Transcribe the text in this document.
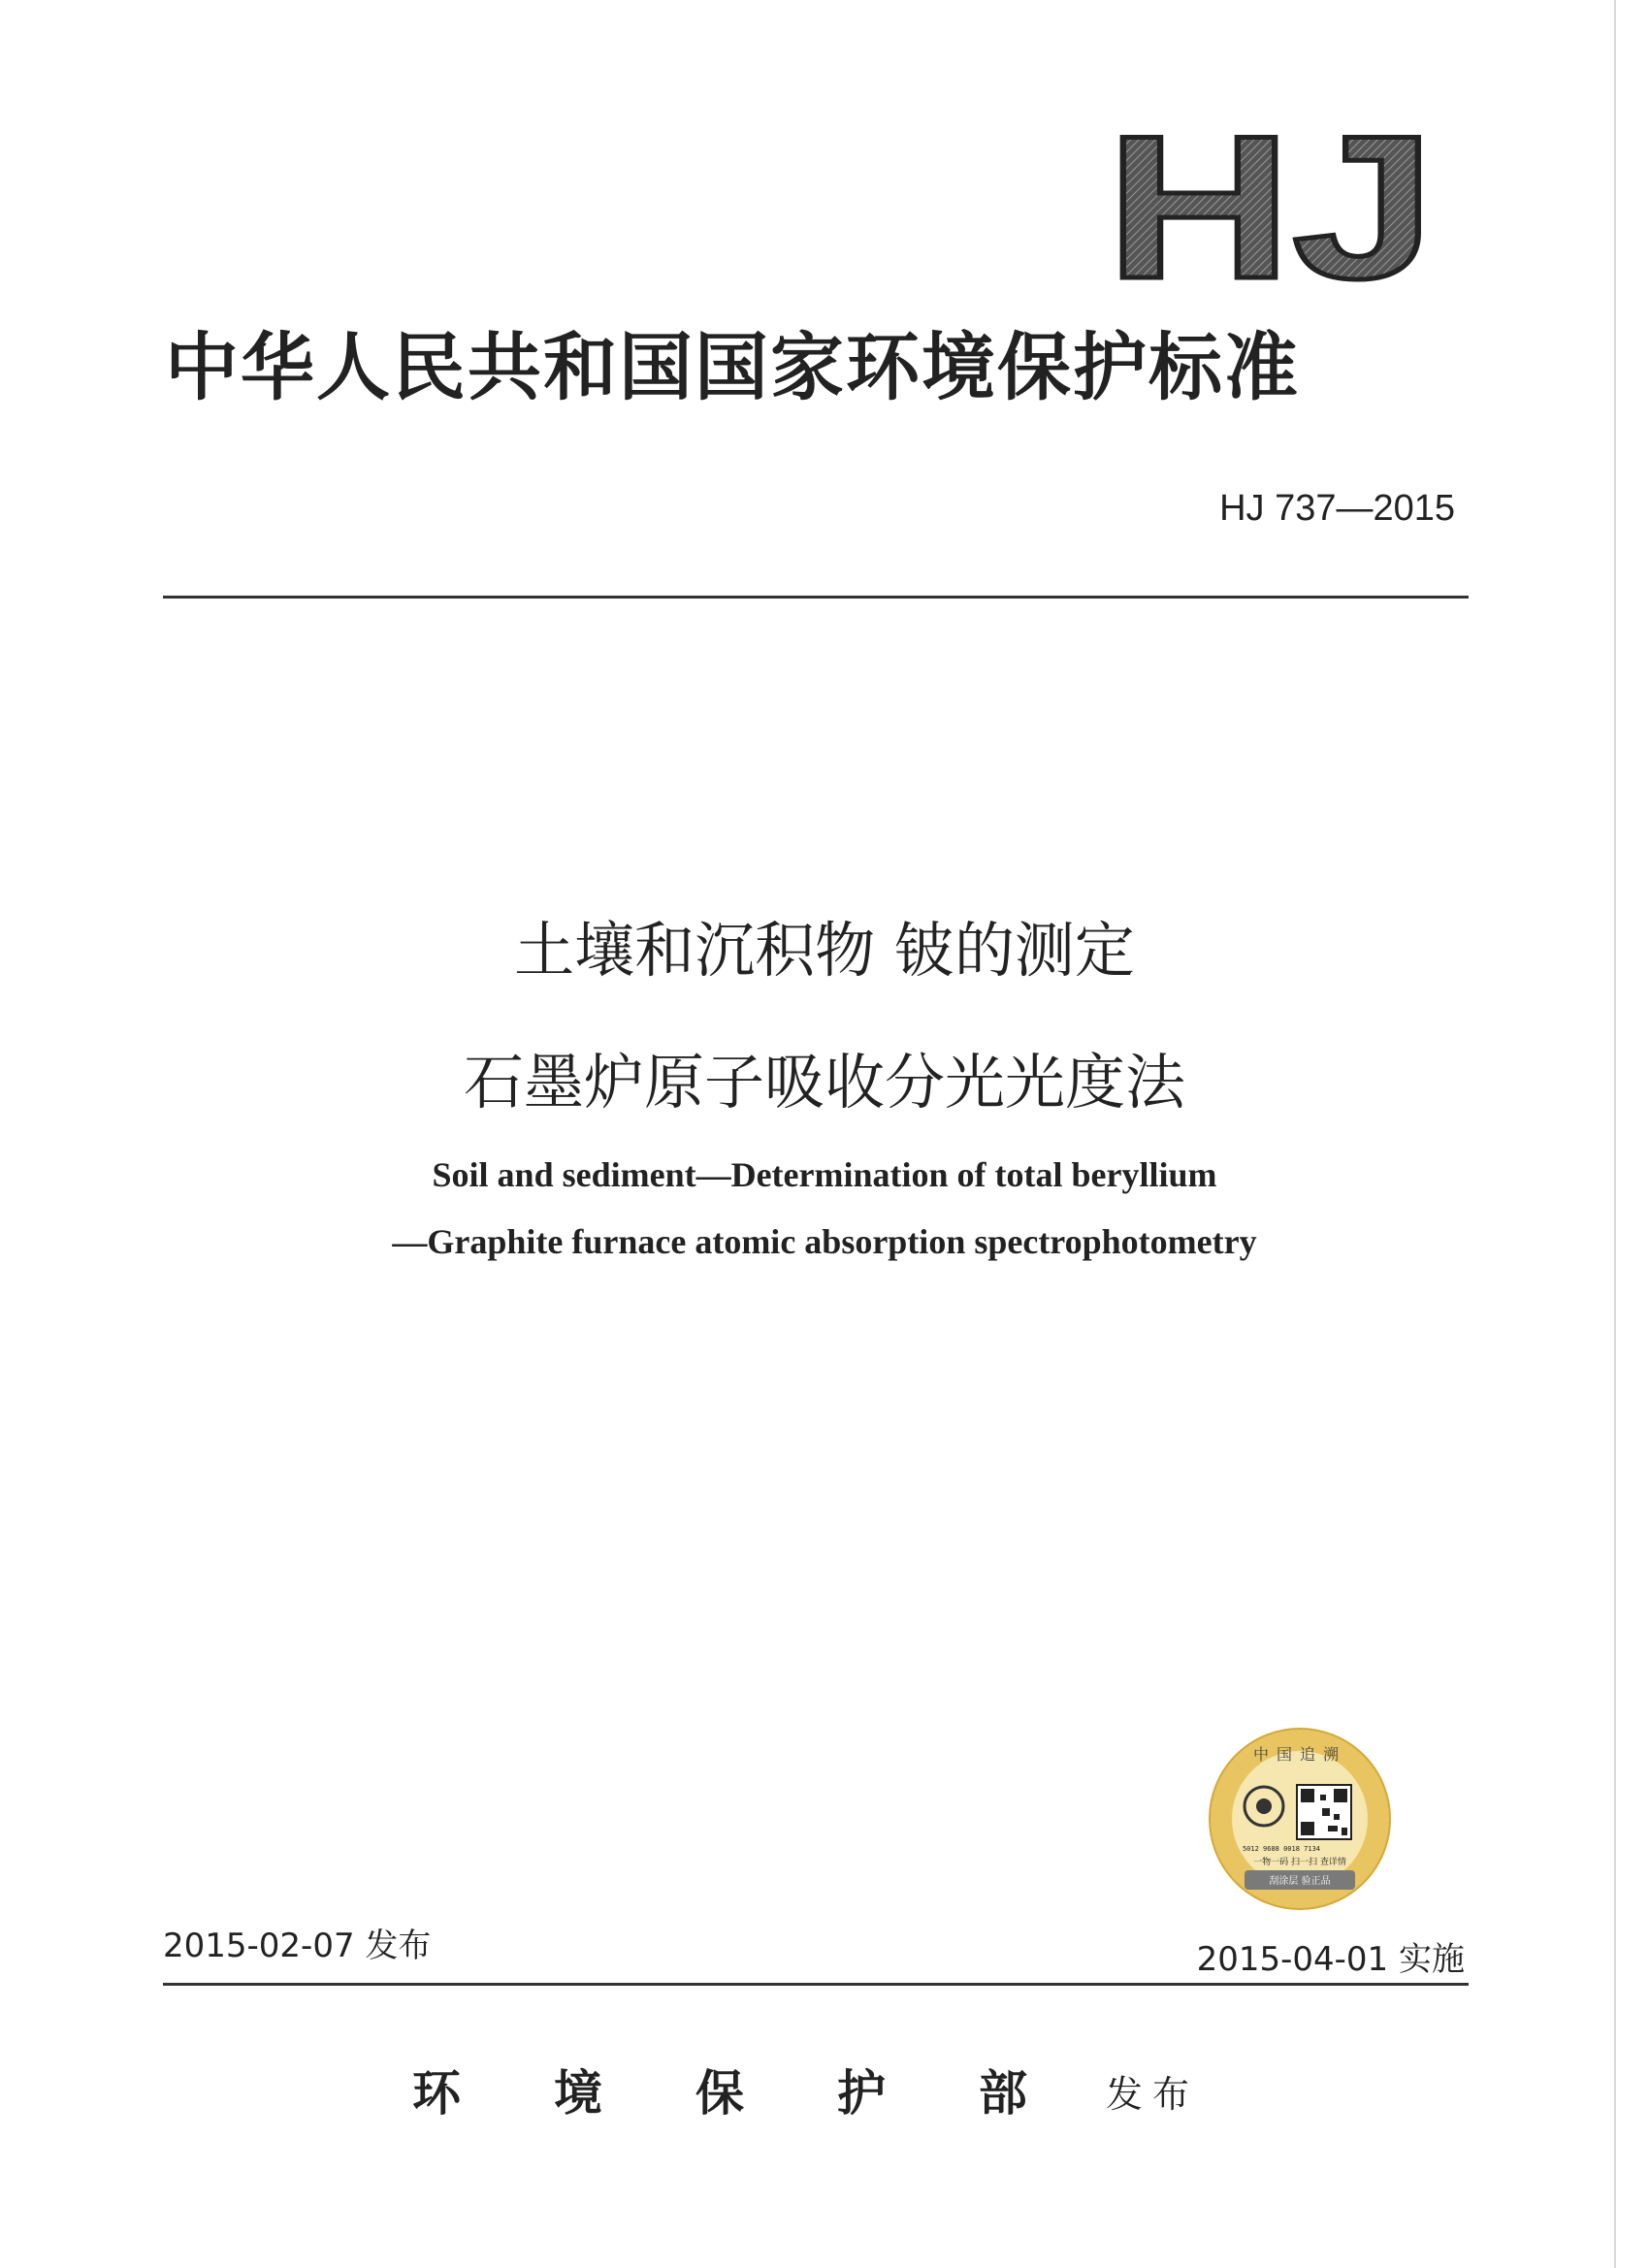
HJ
中华人民共和国国家环境保护标准
HJ 737—2015
土壤和沉积物 铍的测定
石墨炉原子吸收分光光度法
Soil and sediment—Determination of total beryllium
—Graphite furnace atomic absorption spectrophotometry
中国追溯
5012 9688 0018 7134
一物一码 扫一扫 查详情
刮涂层 验正品
2015-02-07 发布	2015-04-01 实施
环境保护部
发布
